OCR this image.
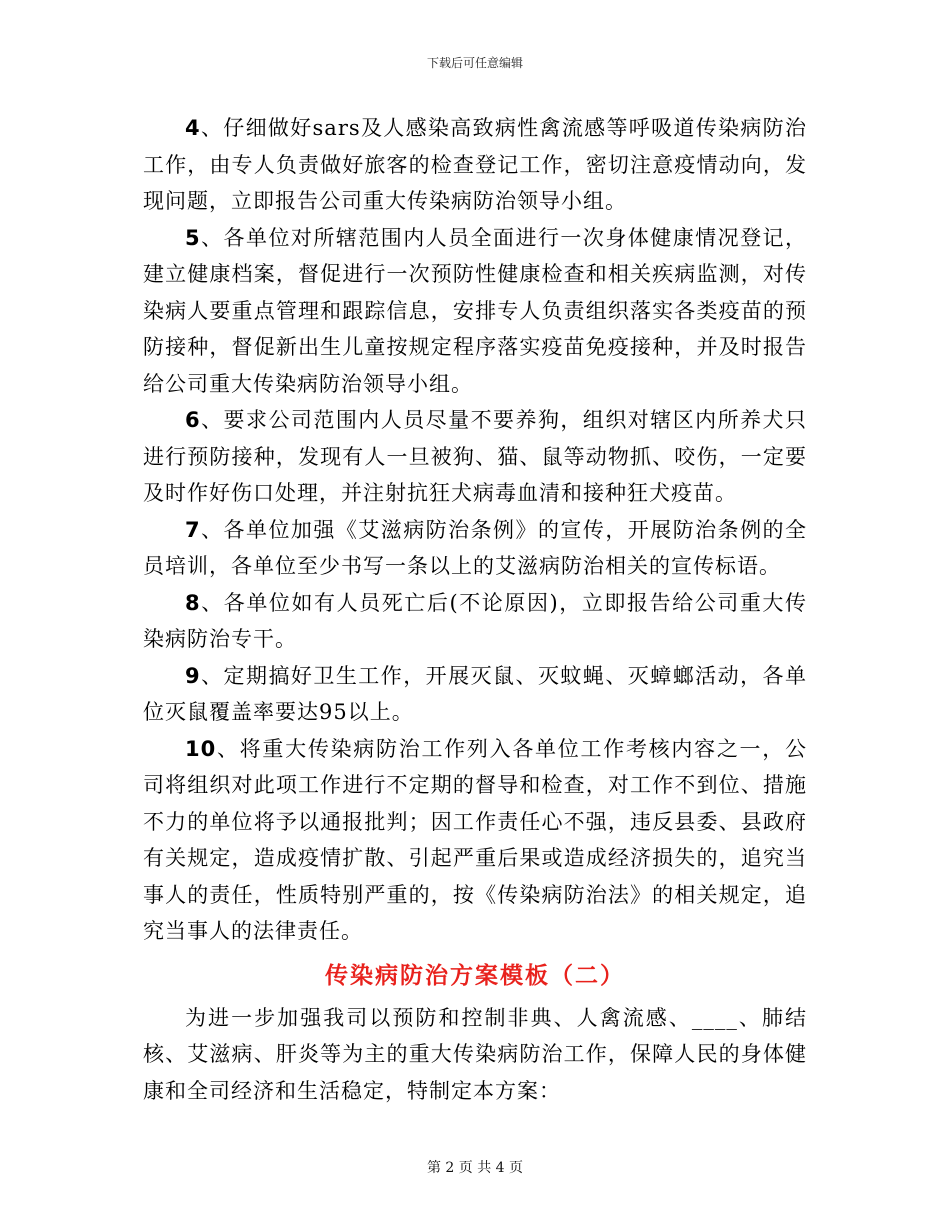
下载后可任意编辑

4、仔细做好sars及人感染高致病性禽流感等呼吸道传染病防治工作，由专人负责做好旅客的检查登记工作，密切注意疫情动向，发现问题，立即报告公司重大传染病防治领导小组。

5、各单位对所辖范围内人员全面进行一次身体健康情况登记，建立健康档案，督促进行一次预防性健康检查和相关疾病监测，对传染病人要重点管理和跟踪信息，安排专人负责组织落实各类疫苗的预防接种，督促新出生儿童按规定程序落实疫苗免疫接种，并及时报告给公司重大传染病防治领导小组。

6、要求公司范围内人员尽量不要养狗，组织对辖区内所养犬只进行预防接种，发现有人一旦被狗、猫、鼠等动物抓、咬伤，一定要及时作好伤口处理，并注射抗狂犬病毒血清和接种狂犬疫苗。

7、各单位加强《艾滋病防治条例》的宣传，开展防治条例的全员培训，各单位至少书写一条以上的艾滋病防治相关的宣传标语。

8、各单位如有人员死亡后(不论原因)，立即报告给公司重大传染病防治专干。

9、定期搞好卫生工作，开展灭鼠、灭蚊蝇、灭蟑螂活动，各单位灭鼠覆盖率要达95以上。

10、将重大传染病防治工作列入各单位工作考核内容之一，公司将组织对此项工作进行不定期的督导和检查，对工作不到位、措施不力的单位将予以通报批判；因工作责任心不强，违反县委、县政府有关规定，造成疫情扩散、引起严重后果或造成经济损失的，追究当事人的责任，性质特别严重的，按《传染病防治法》的相关规定，追究当事人的法律责任。

传染病防治方案模板（二）

为进一步加强我司以预防和控制非典、人禽流感、____、肺结核、艾滋病、肝炎等为主的重大传染病防治工作，保障人民的身体健康和全司经济和生活稳定，特制定本方案：

第 2 页 共 4 页
